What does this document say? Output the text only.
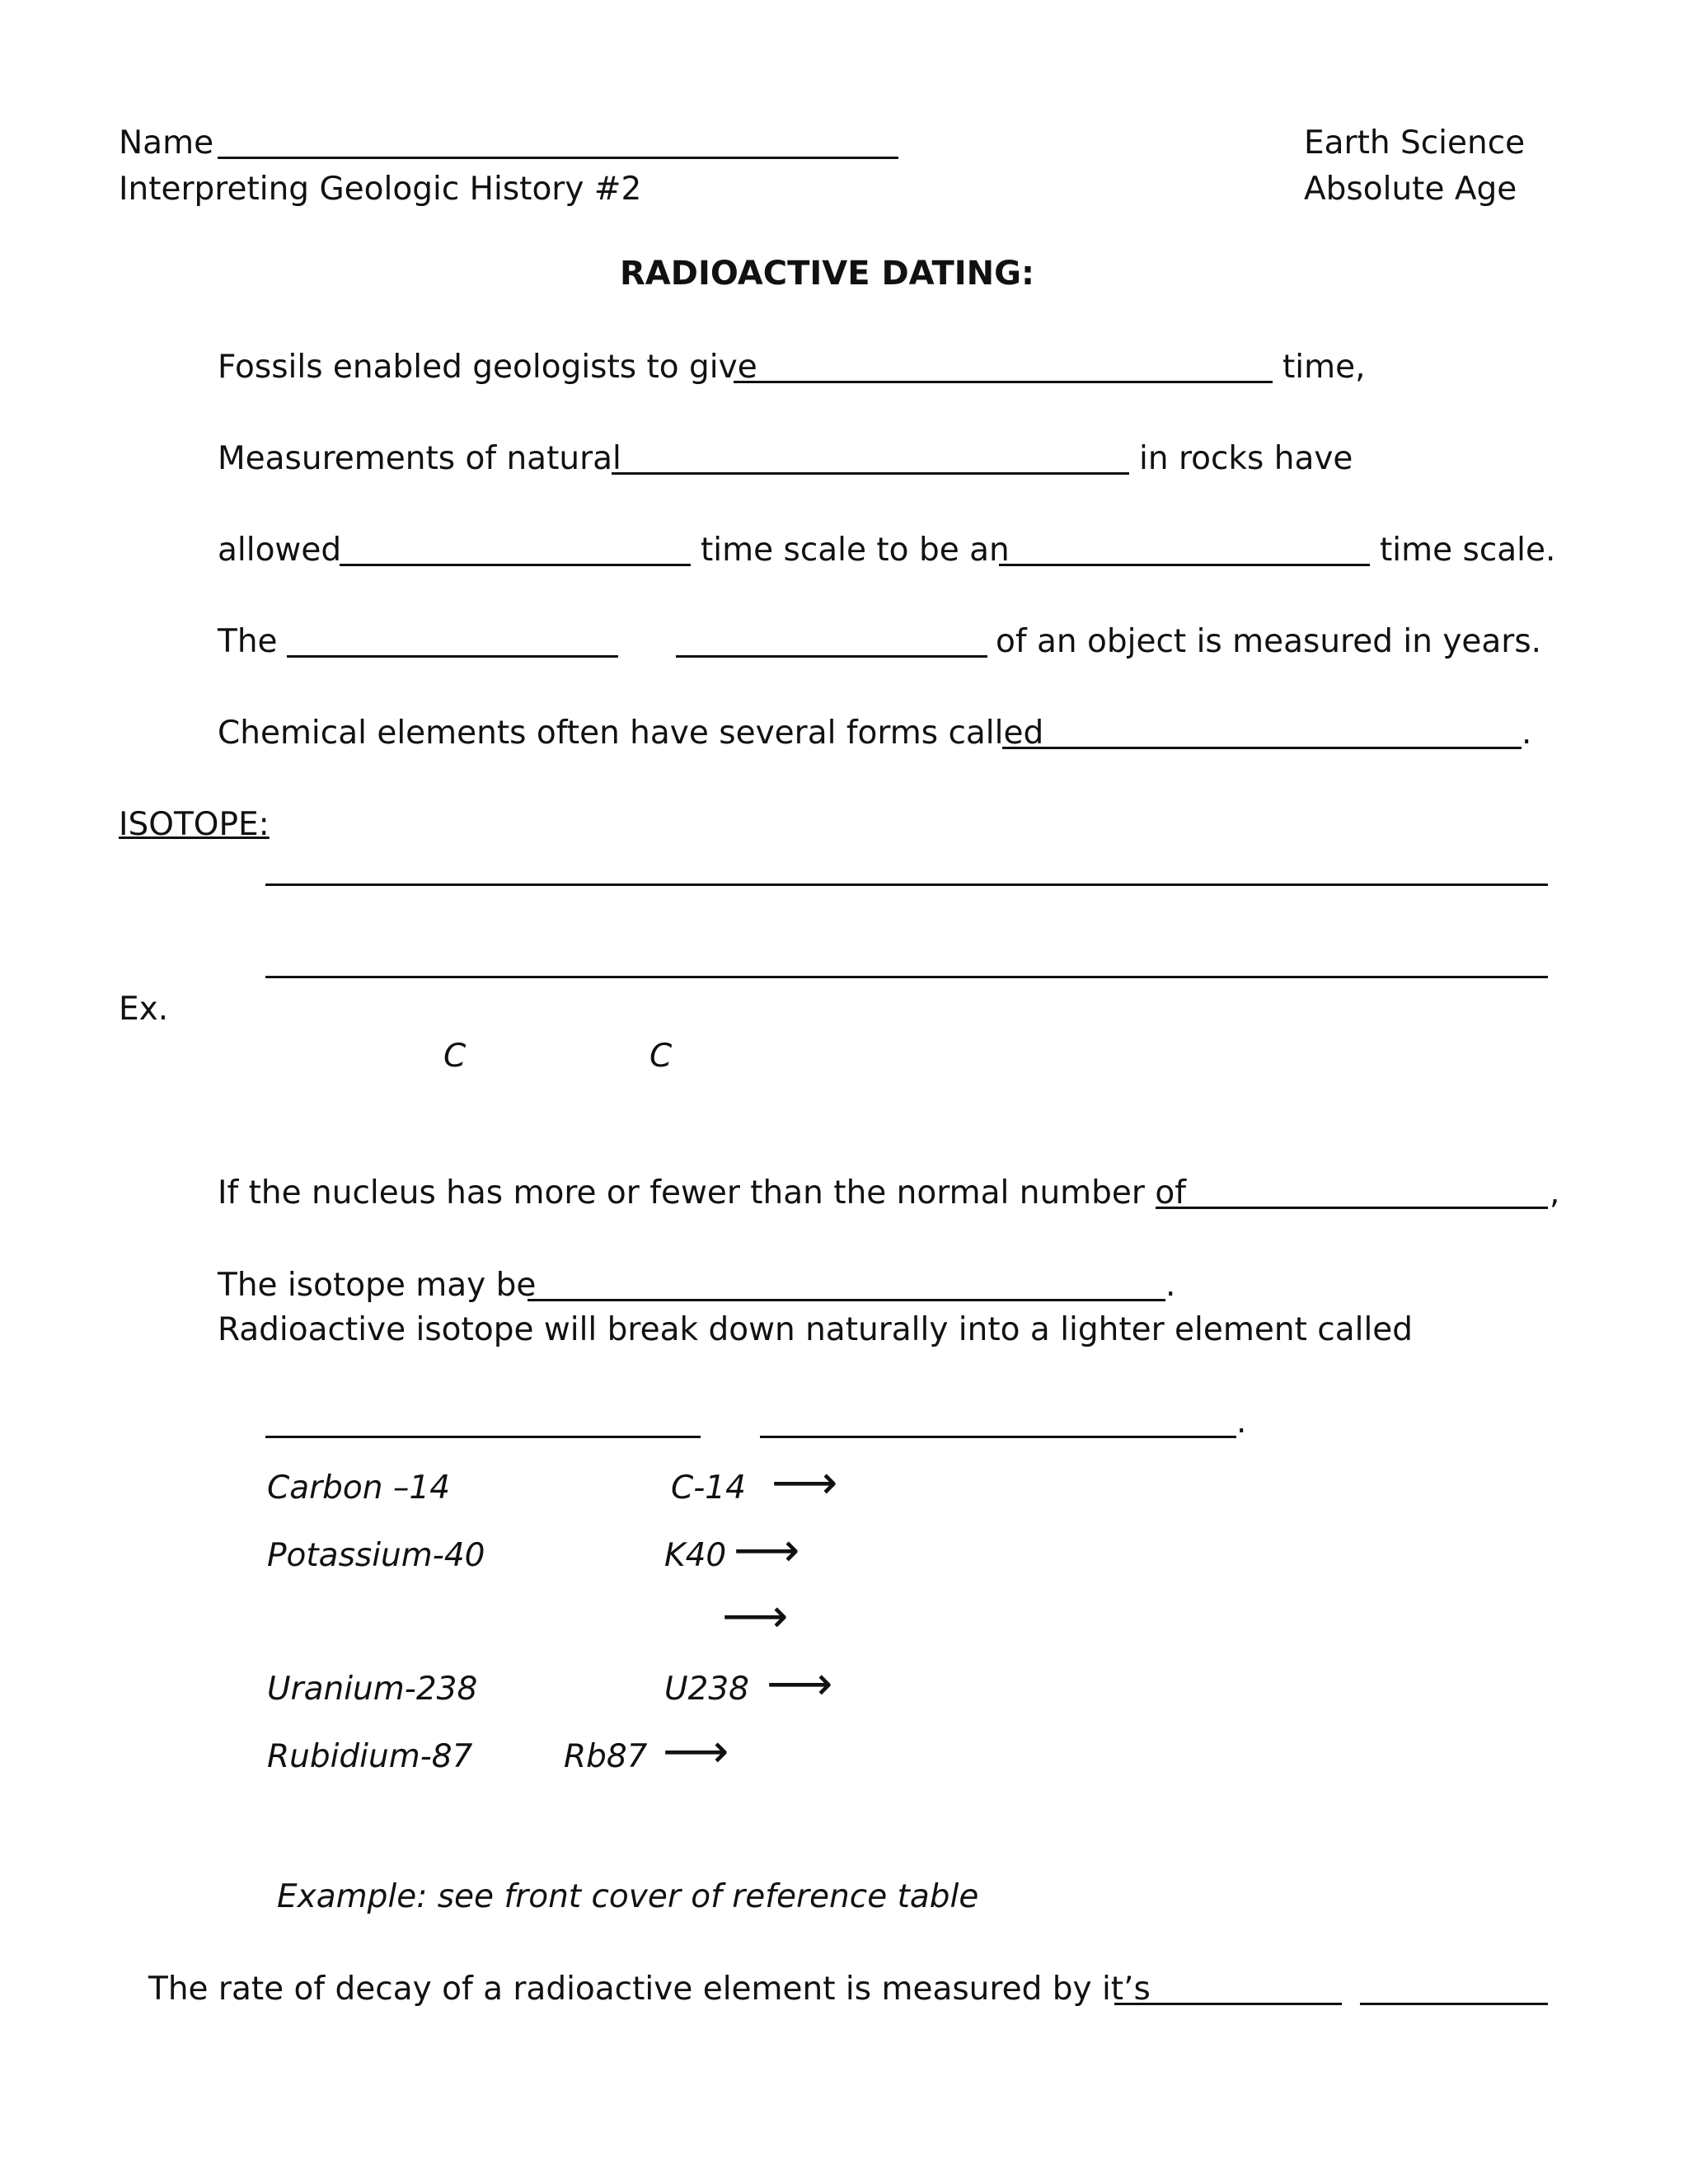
Name
Interpreting Geologic History #2
Earth Science
Absolute Age
RADIOACTIVE DATING:
Fossils enabled geologists to give	time,
Measurements of natural	in rocks have
allowed	time scale to be an	time scale.
The	of an object is measured in years.
Chemical elements often have several forms called	.
ISOTOPE:
Ex.
C	C
If the nucleus has more or fewer than the normal number of	,
The isotope may be	.
Radioactive isotope will break down naturally into a lighter element called
.
Carbon –14	C-14 ⟶
Potassium-40	K40 ⟶
⟶
Uranium-238	U238 ⟶
Rubidium-87	Rb87 ⟶
Example: see front cover of reference table
The rate of decay of a radioactive element is measured by it’s
